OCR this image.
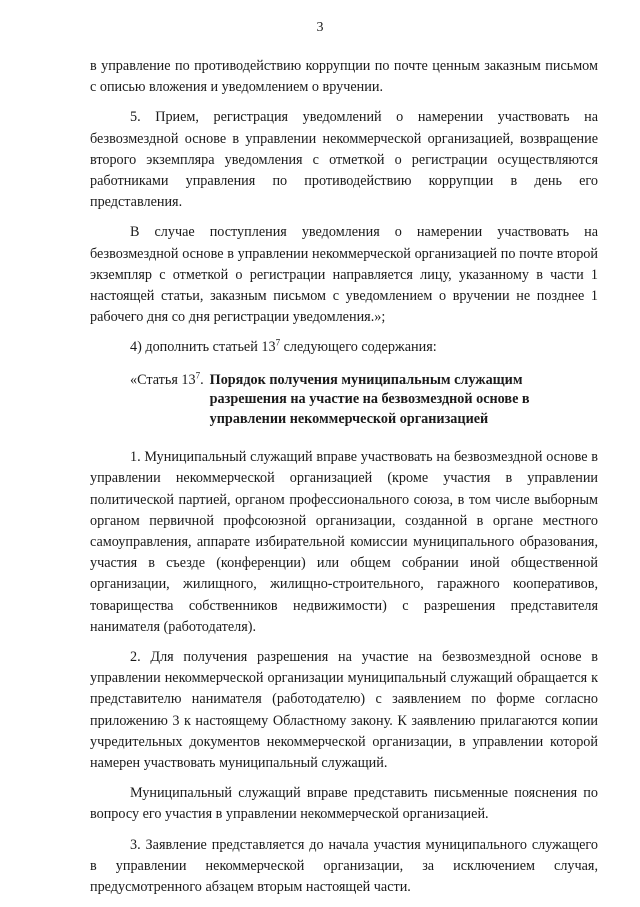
3

в управление по противодействию коррупции по почте ценным заказным письмом с описью вложения и уведомлением о вручении.

5. Прием, регистрация уведомлений о намерении участвовать на безвозмездной основе в управлении некоммерческой организацией, возвращение второго экземпляра уведомления с отметкой о регистрации осуществляются работниками управления по противодействию коррупции в день его представления.

В случае поступления уведомления о намерении участвовать на безвозмездной основе в управлении некоммерческой организацией по почте второй экземпляр с отметкой о регистрации направляется лицу, указанному в части 1 настоящей статьи, заказным письмом с уведомлением о вручении не позднее 1 рабочего дня со дня регистрации уведомления.»;

4) дополнить статьей $13^7$ следующего содержания:

«Статья $13^7$. Порядок получения муниципальным служащим разрешения на участие на безвозмездной основе в управлении некоммерческой организацией

1. Муниципальный служащий вправе участвовать на безвозмездной основе в управлении некоммерческой организацией (кроме участия в управлении политической партией, органом профессионального союза, в том числе выборным органом первичной профсоюзной организации, созданной в органе местного самоуправления, аппарате избирательной комиссии муниципального образования, участия в съезде (конференции) или общем собрании иной общественной организации, жилищного, жилищно-строительного, гаражного кооперативов, товарищества собственников недвижимости) с разрешения представителя нанимателя (работодателя).

2. Для получения разрешения на участие на безвозмездной основе в управлении некоммерческой организации муниципальный служащий обращается к представителю нанимателя (работодателю) с заявлением по форме согласно приложению 3 к настоящему Областному закону. К заявлению прилагаются копии учредительных документов некоммерческой организации, в управлении которой намерен участвовать муниципальный служащий.

Муниципальный служащий вправе представить письменные пояснения по вопросу его участия в управлении некоммерческой организацией.

3. Заявление представляется до начала участия муниципального служащего в управлении некоммерческой организации, за исключением случая, предусмотренного абзацем вторым настоящей части.
